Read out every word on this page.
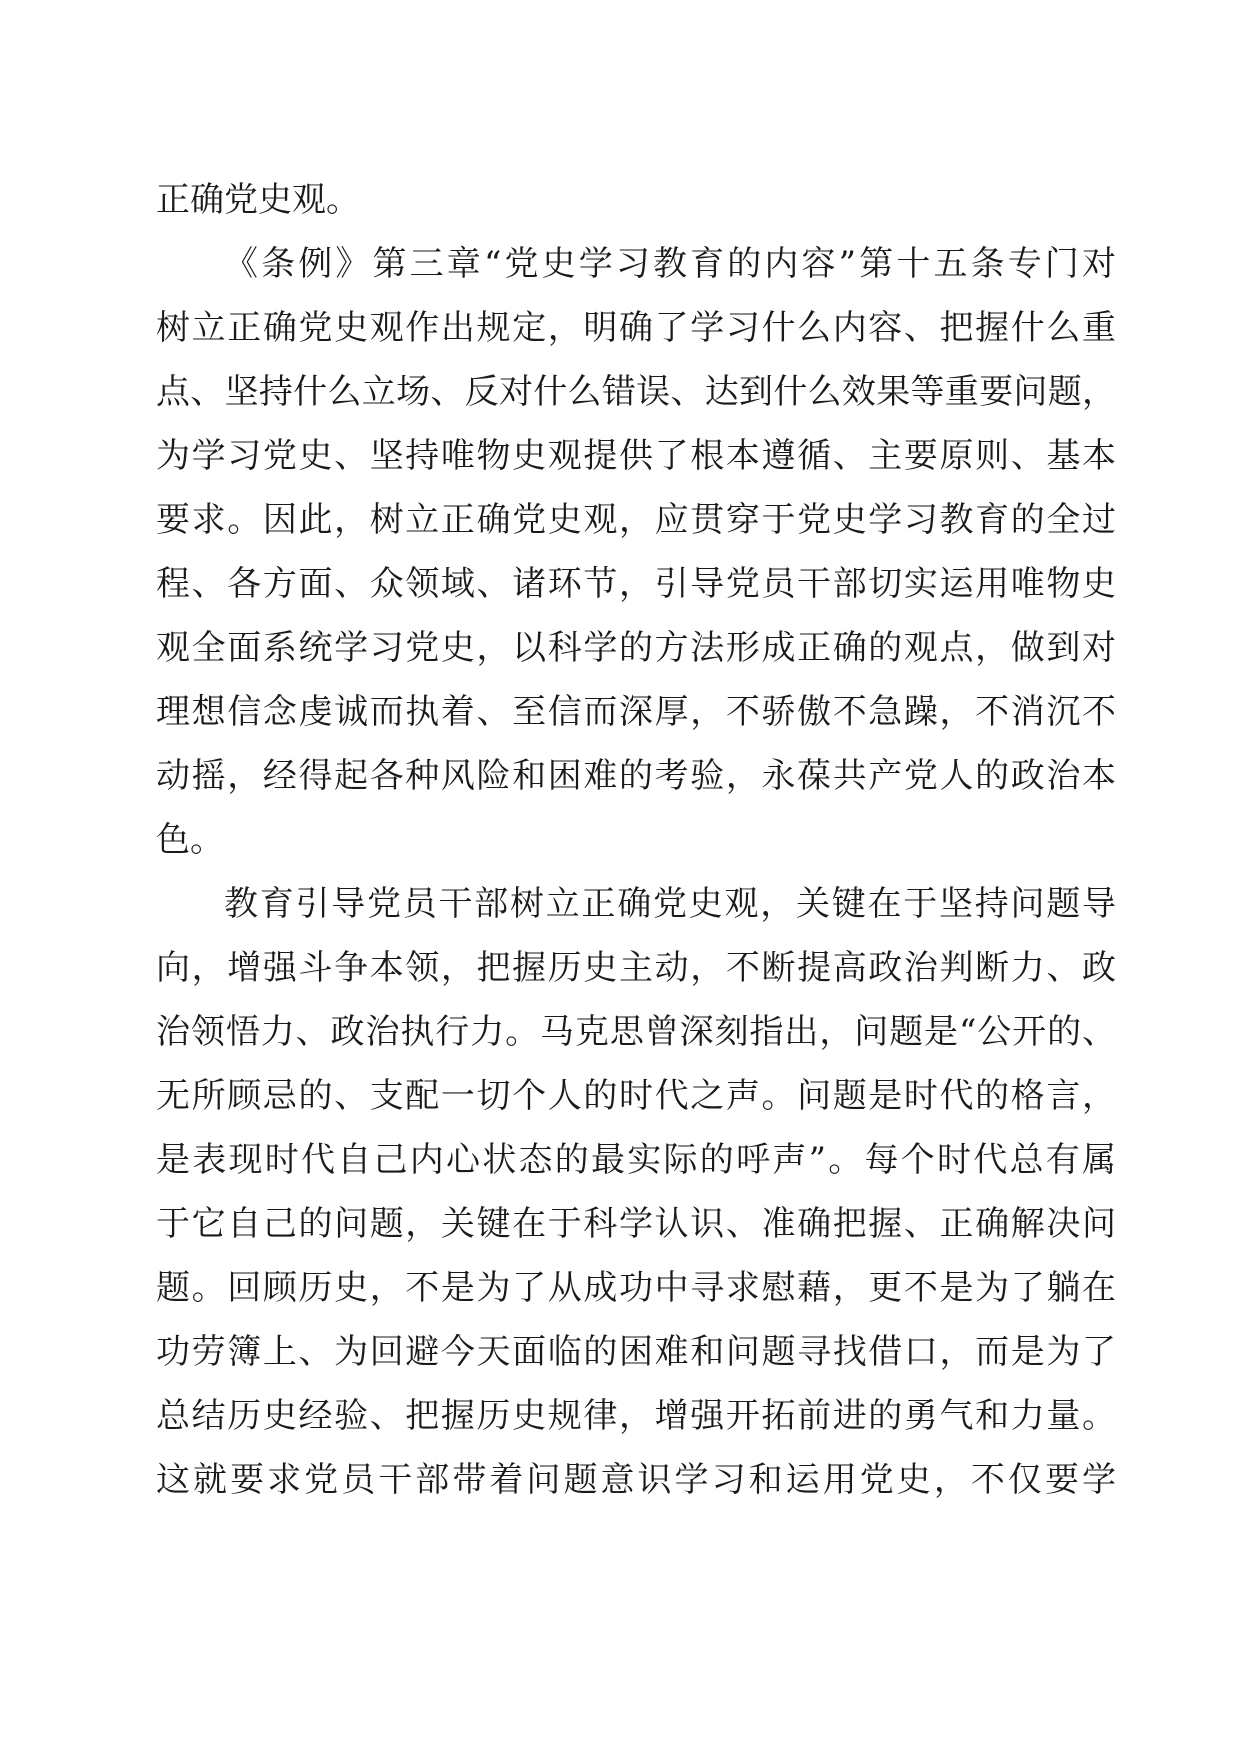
正确党史观。
《条例》第三章“党史学习教育的内容”第十五条专门对
树立正确党史观作出规定，明确了学习什么内容、把握什么重
点、坚持什么立场、反对什么错误、达到什么效果等重要问题，
为学习党史、坚持唯物史观提供了根本遵循、主要原则、基本
要求。因此，树立正确党史观，应贯穿于党史学习教育的全过
程、各方面、众领域、诸环节，引导党员干部切实运用唯物史
观全面系统学习党史，以科学的方法形成正确的观点，做到对
理想信念虔诚而执着、至信而深厚，不骄傲不急躁，不消沉不
动摇，经得起各种风险和困难的考验，永葆共产党人的政治本
色。
教育引导党员干部树立正确党史观，关键在于坚持问题导
向，增强斗争本领，把握历史主动，不断提高政治判断力、政
治领悟力、政治执行力。马克思曾深刻指出，问题是“公开的、
无所顾忌的、支配一切个人的时代之声。问题是时代的格言，
是表现时代自己内心状态的最实际的呼声”。每个时代总有属
于它自己的问题，关键在于科学认识、准确把握、正确解决问
题。回顾历史，不是为了从成功中寻求慰藉，更不是为了躺在
功劳簿上、为回避今天面临的困难和问题寻找借口，而是为了
总结历史经验、把握历史规律，增强开拓前进的勇气和力量。
这就要求党员干部带着问题意识学习和运用党史，不仅要学
